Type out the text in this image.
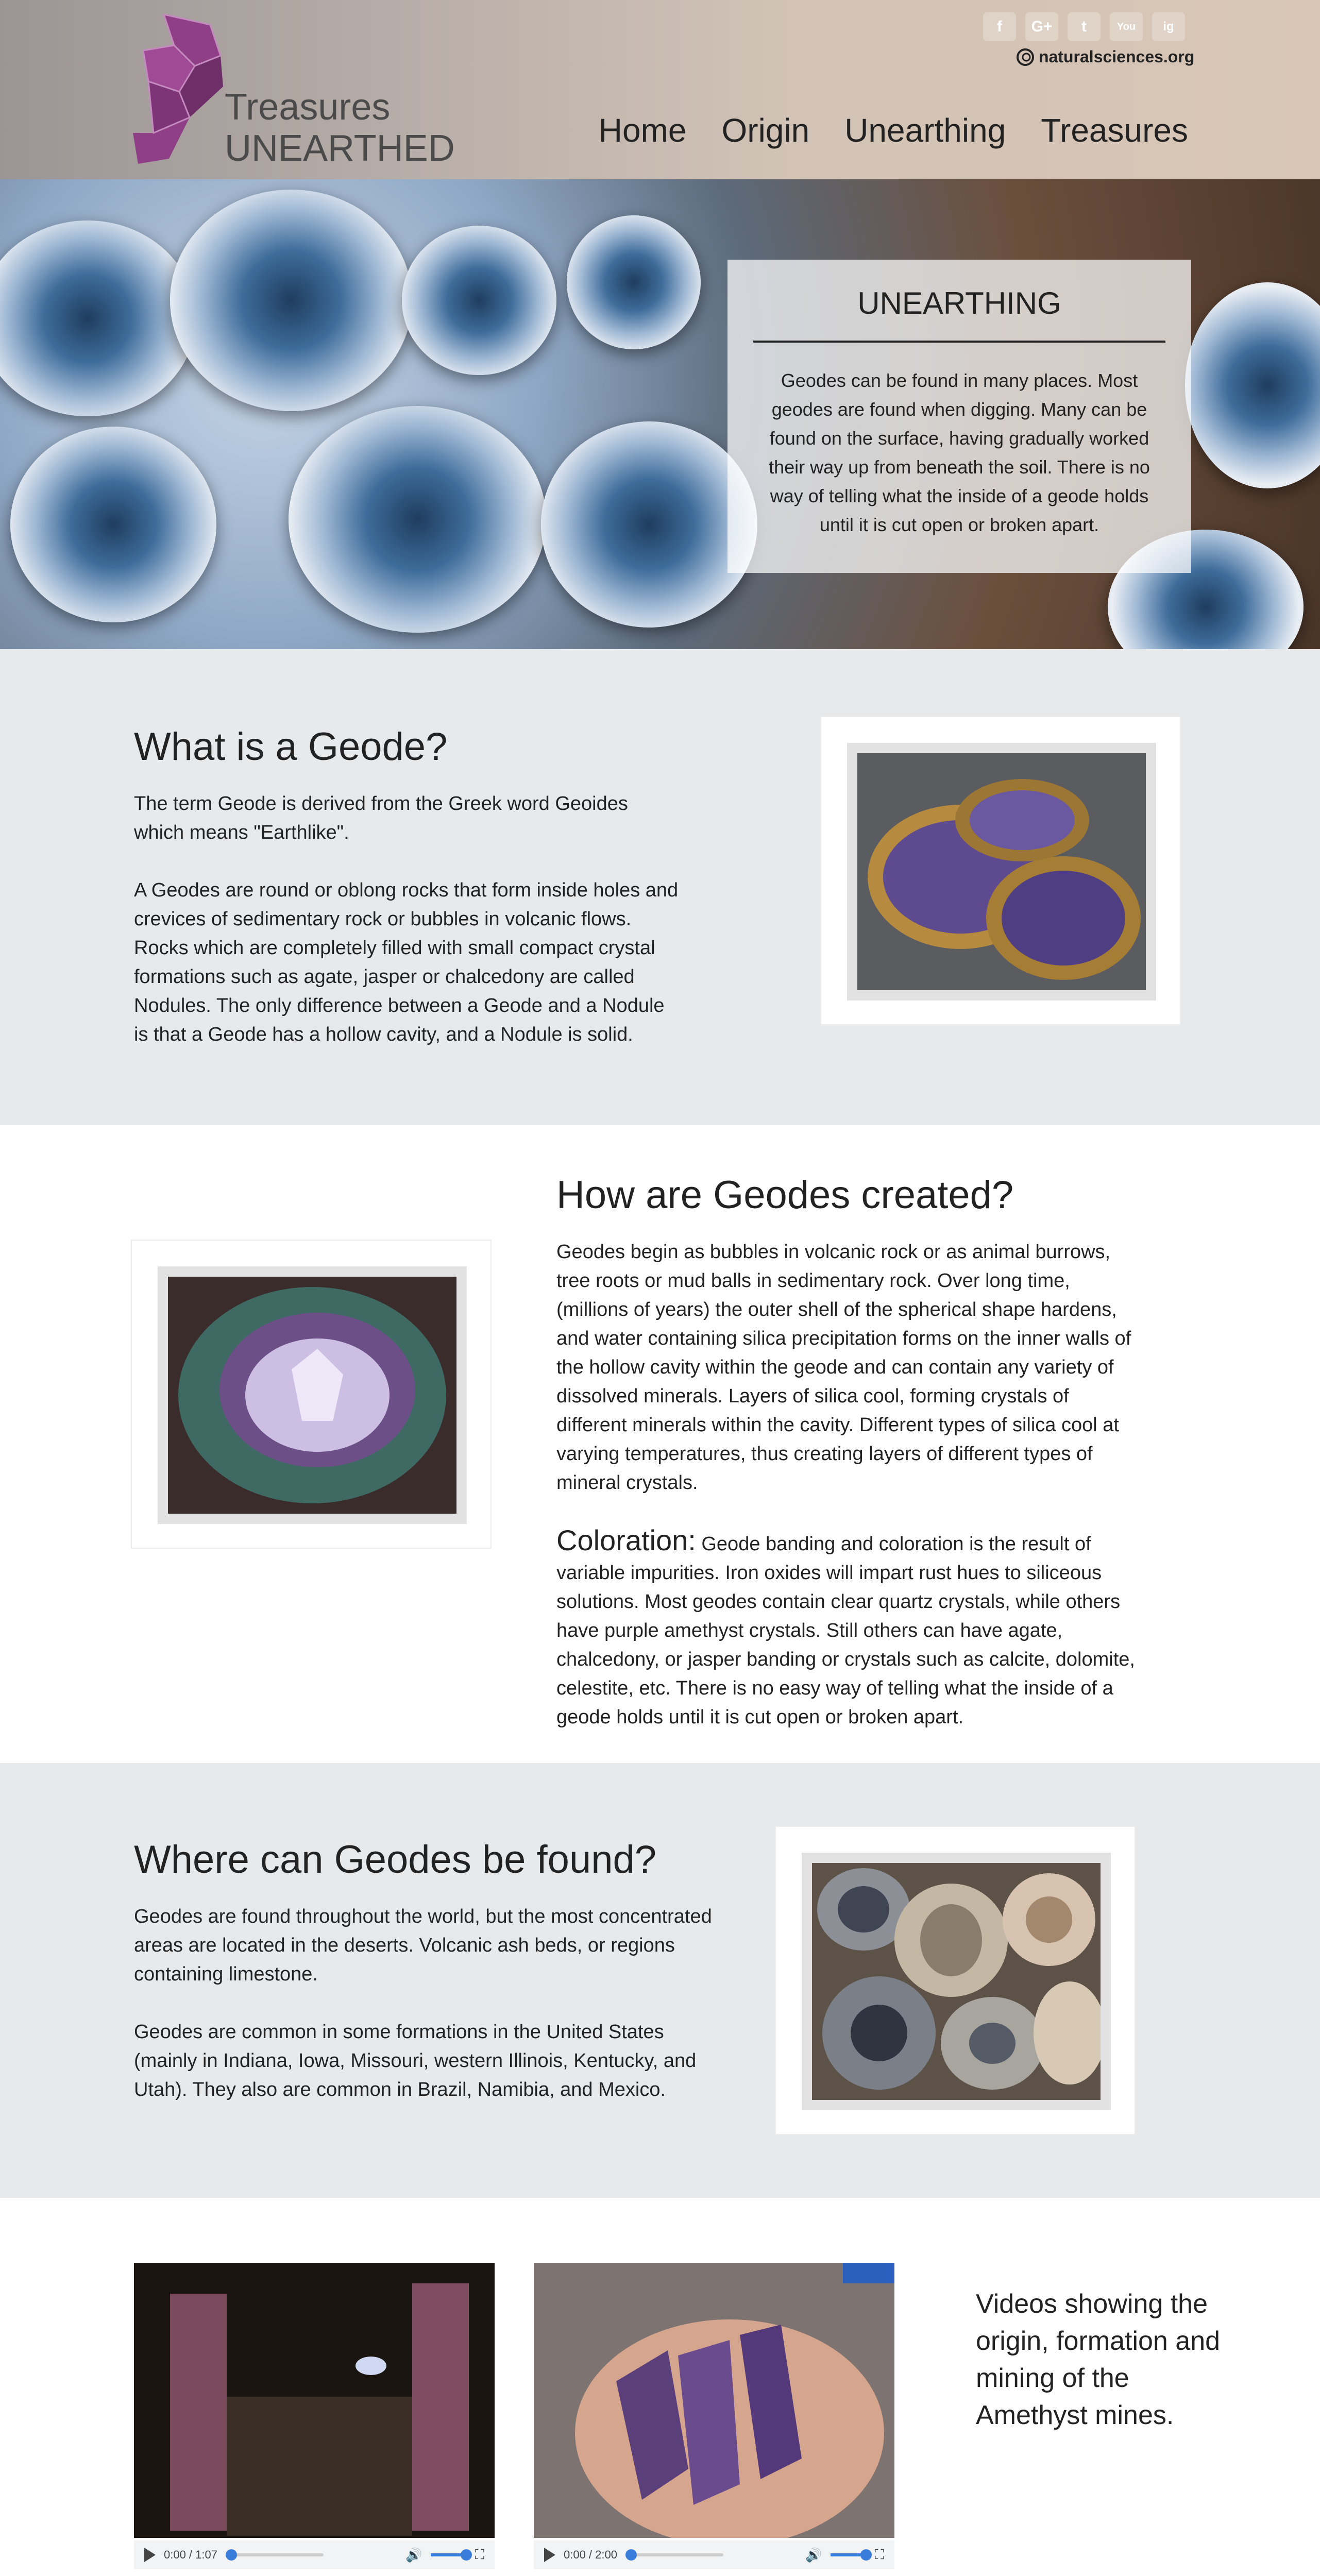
Treasures
UNEARTHED
f	G+	t	You	ig
naturalsciences.org
Home Origin Unearthing Treasures
UNEARTHING
Geodes can be found in many places. Most geodes are found when digging. Many can be found on the surface, having gradually worked their way up from beneath the soil. There is no way of telling what the inside of a geode holds until it is cut open or broken apart.
What is a Geode?

The term Geode is derived from the Greek word Geoides which means "Earthlike".

A Geodes are round or oblong rocks that form inside holes and crevices of sedimentary rock or bubbles in volcanic flows. Rocks which are completely filled with small compact crystal formations such as agate, jasper or chalcedony are called Nodules. The only difference between a Geode and a Nodule is that a Geode has a hollow cavity, and a Nodule is solid.

How are Geodes created?

Geodes begin as bubbles in volcanic rock or as animal burrows, tree roots or mud balls in sedimentary rock. Over long time, (millions of years) the outer shell of the spherical shape hardens, and water containing silica precipitation forms on the inner walls of the hollow cavity within the geode and can contain any variety of dissolved minerals. Layers of silica cool, forming crystals of different minerals within the cavity. Different types of silica cool at varying temperatures, thus creating layers of different types of mineral crystals.

Coloration: Geode banding and coloration is the result of variable impurities. Iron oxides will impart rust hues to siliceous solutions. Most geodes contain clear quartz crystals, while others have purple amethyst crystals. Still others can have agate, chalcedony, or jasper banding or crystals such as calcite, dolomite, celestite, etc. There is no easy way of telling what the inside of a geode holds until it is cut open or broken apart.

Where can Geodes be found?

Geodes are found throughout the world, but the most concentrated areas are located in the deserts. Volcanic ash beds, or regions containing limestone.

Geodes are common in some formations in the United States (mainly in Indiana, Iowa, Missouri, western Illinois, Kentucky, and Utah). They also are common in Brazil, Namibia, and Mexico.

0:00 / 1:07	🔊	⛶	0:00 / 2:00	🔊	⛶
Videos showing the origin, formation and mining of the Amethyst mines.
